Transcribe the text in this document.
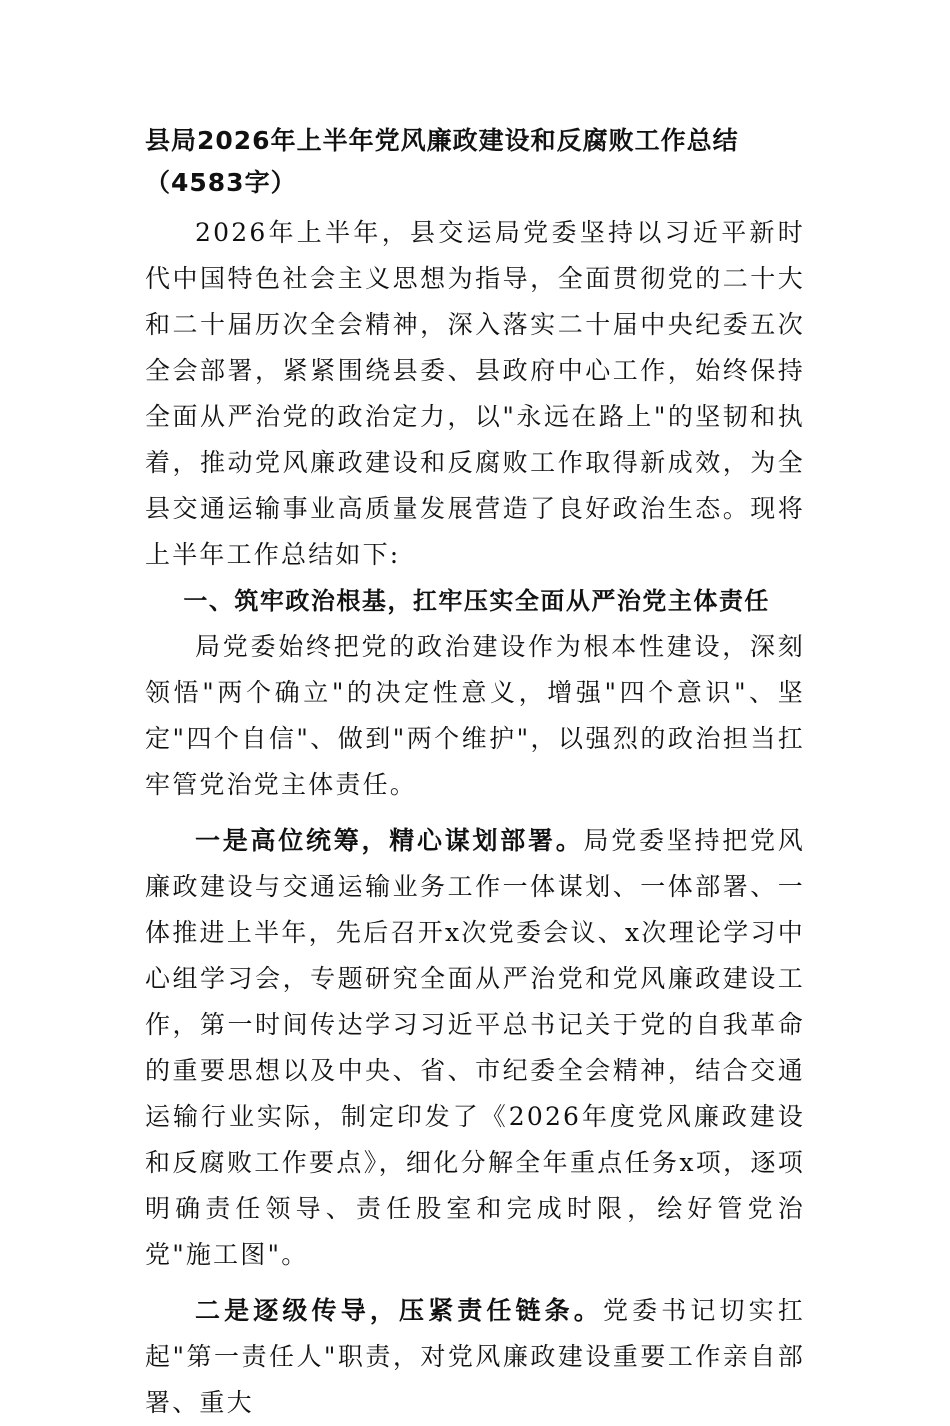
县局2026年上半年党风廉政建设和反腐败工作总结（4583字）

2026年上半年，县交运局党委坚持以习近平新时代中国特色社会主义思想为指导，全面贯彻党的二十大和二十届历次全会精神，深入落实二十届中央纪委五次全会部署，紧紧围绕县委、县政府中心工作，始终保持全面从严治党的政治定力，以"永远在路上"的坚韧和执着，推动党风廉政建设和反腐败工作取得新成效，为全县交通运输事业高质量发展营造了良好政治生态。现将上半年工作总结如下:

一、筑牢政治根基，扛牢压实全面从严治党主体责任

局党委始终把党的政治建设作为根本性建设，深刻领悟"两个确立"的决定性意义，增强"四个意识"、坚定"四个自信"、做到"两个维护"，以强烈的政治担当扛牢管党治党主体责任。

一是高位统筹，精心谋划部署。局党委坚持把党风廉政建设与交通运输业务工作一体谋划、一体部署、一体推进上半年，先后召开x次党委会议、x次理论学习中心组学习会，专题研究全面从严治党和党风廉政建设工作，第一时间传达学习习近平总书记关于党的自我革命的重要思想以及中央、省、市纪委全会精神，结合交通运输行业实际，制定印发了《2026年度党风廉政建设和反腐败工作要点》，细化分解全年重点任务x项，逐项明确责任领导、责任股室和完成时限，绘好管党治党"施工图"。

二是逐级传导，压紧责任链条。党委书记切实扛起"第一责任人"职责，对党风廉政建设重要工作亲自部署、重大
